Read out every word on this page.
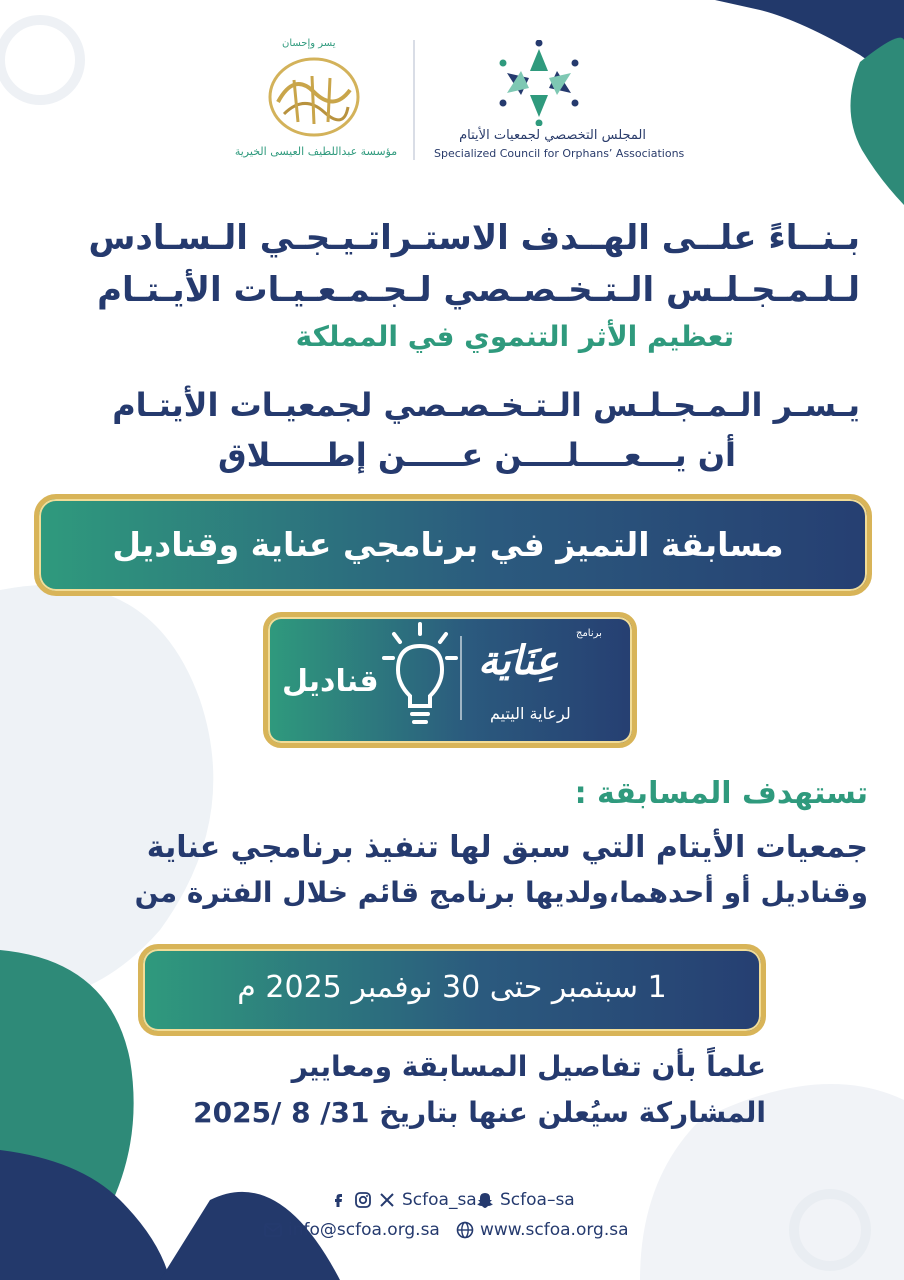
المجلس التخصصي لجمعيات الأيتام
Specialized Council for Orphans’ Associations
يسر وإحسان
مؤسسة عبداللطيف العيسى الخيرية
بـنــاءً علــى الهــدف الاستـراتـيـجـي الـسـادس
لـلـمـجـلـس الـتـخـصـصي لـجـمـعـيـات الأيـتـام
تعظيم الأثر التنموي في المملكة
يـسـر الـمـجـلـس الـتـخـصـصي لجمعيـات الأيتـام
أن يـــعــــلــــن عـــــن إطـــــلاق
مسابقة التميز في برنامجي عناية وقناديل
قناديل
برنامج
عِنَايَة
لرعاية اليتيم
تستهدف المسابقة :
جمعيات الأيتام التي سبق لها تنفيذ برنامجي عناية
وقناديل أو أحدهما،ولديها برنامج قائم خلال الفترة من
1 سبتمبر حتى 30 نوفمبر 2025 م
علماً بأن تفاصيل المسابقة ومعايير
المشاركة سيُعلن عنها بتاريخ 31/ 8 /2025
Scfoa_sa Scfoa–sa
info@scfoa.org.sa www.scfoa.org.sa
